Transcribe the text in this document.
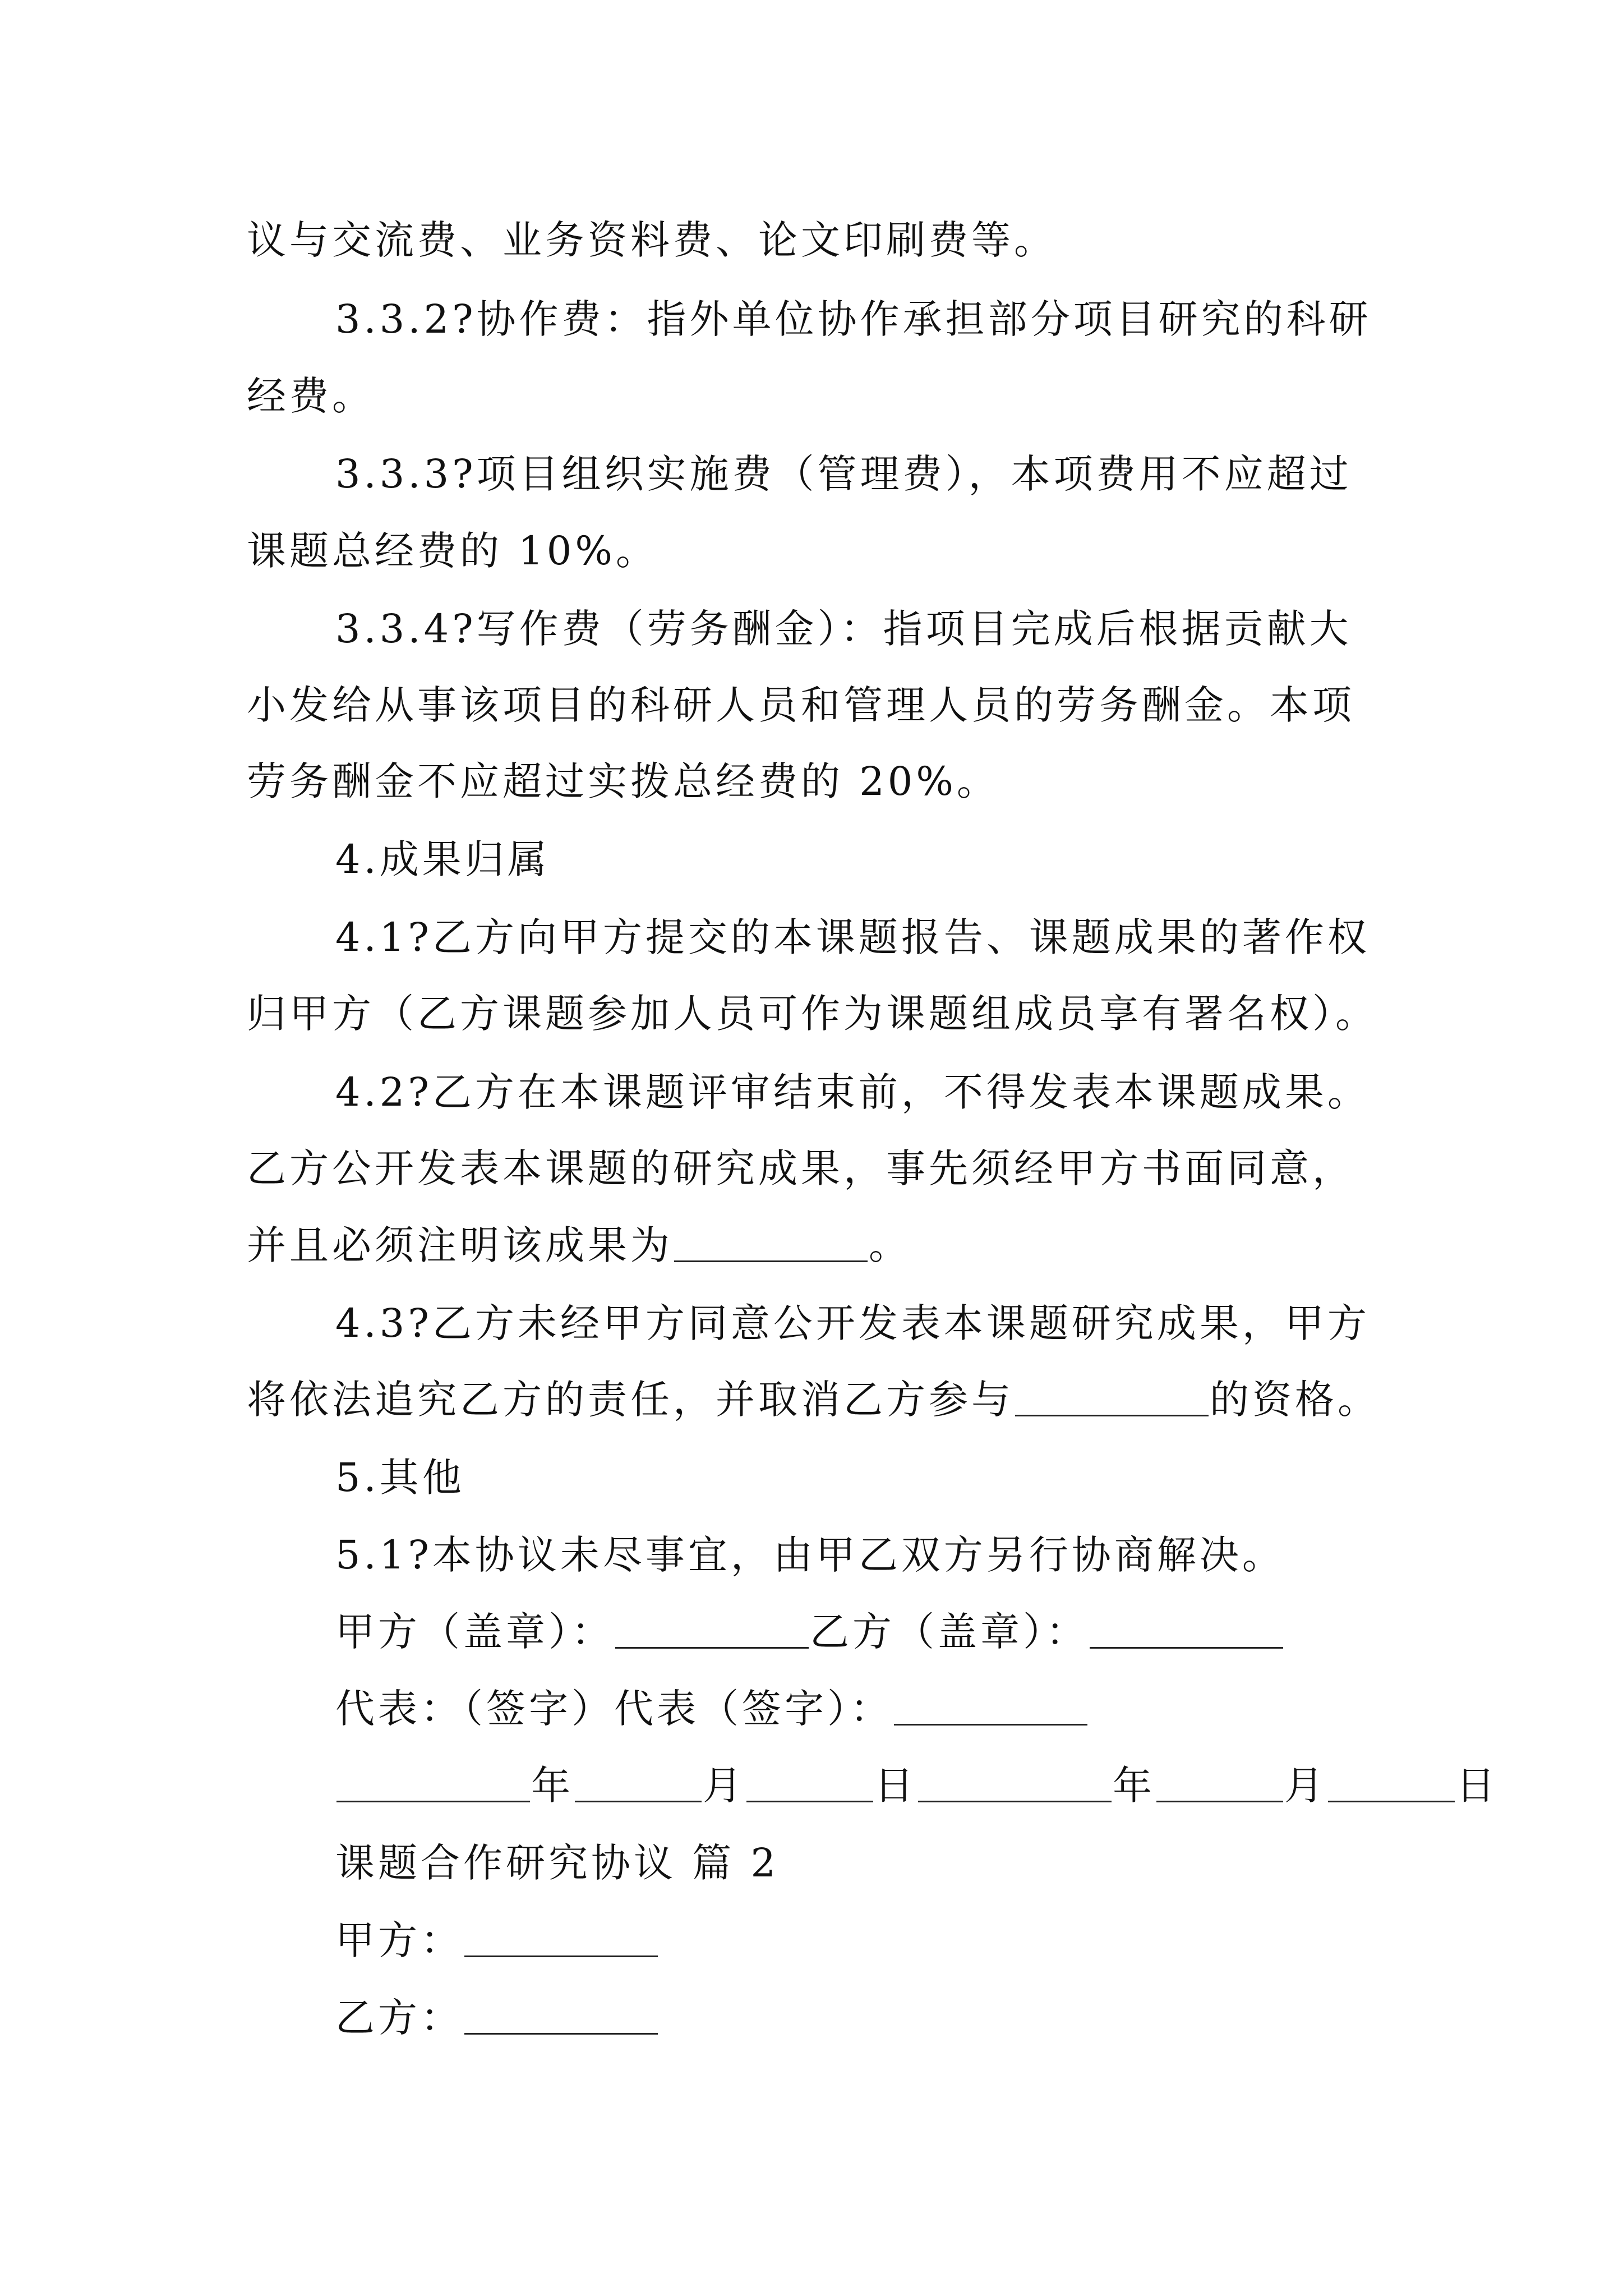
议与交流费、业务资料费、论文印刷费等。
3.3.2?协作费：指外单位协作承担部分项目研究的科研
经费。
3.3.3?项目组织实施费（管理费），本项费用不应超过
课题总经费的 10%。
3.3.4?写作费（劳务酬金）：指项目完成后根据贡献大
小发给从事该项目的科研人员和管理人员的劳务酬金。本项
劳务酬金不应超过实拨总经费的 20%。
4.成果归属
4.1?乙方向甲方提交的本课题报告、课题成果的著作权
归甲方（乙方课题参加人员可作为课题组成员享有署名权）。
4.2?乙方在本课题评审结束前，不得发表本课题成果。
乙方公开发表本课题的研究成果，事先须经甲方书面同意，
并且必须注明该成果为	。
4.3?乙方未经甲方同意公开发表本课题研究成果，甲方
将依法追究乙方的责任，并取消乙方参与	的资格。
5.其他
5.1?本协议未尽事宜，由甲乙双方另行协商解决。
甲方（盖章）：	乙方（盖章）：
代表：（签字）代表（签字）：
年	月	日	年	月	日
课题合作研究协议 篇 2
甲方：
乙方：
